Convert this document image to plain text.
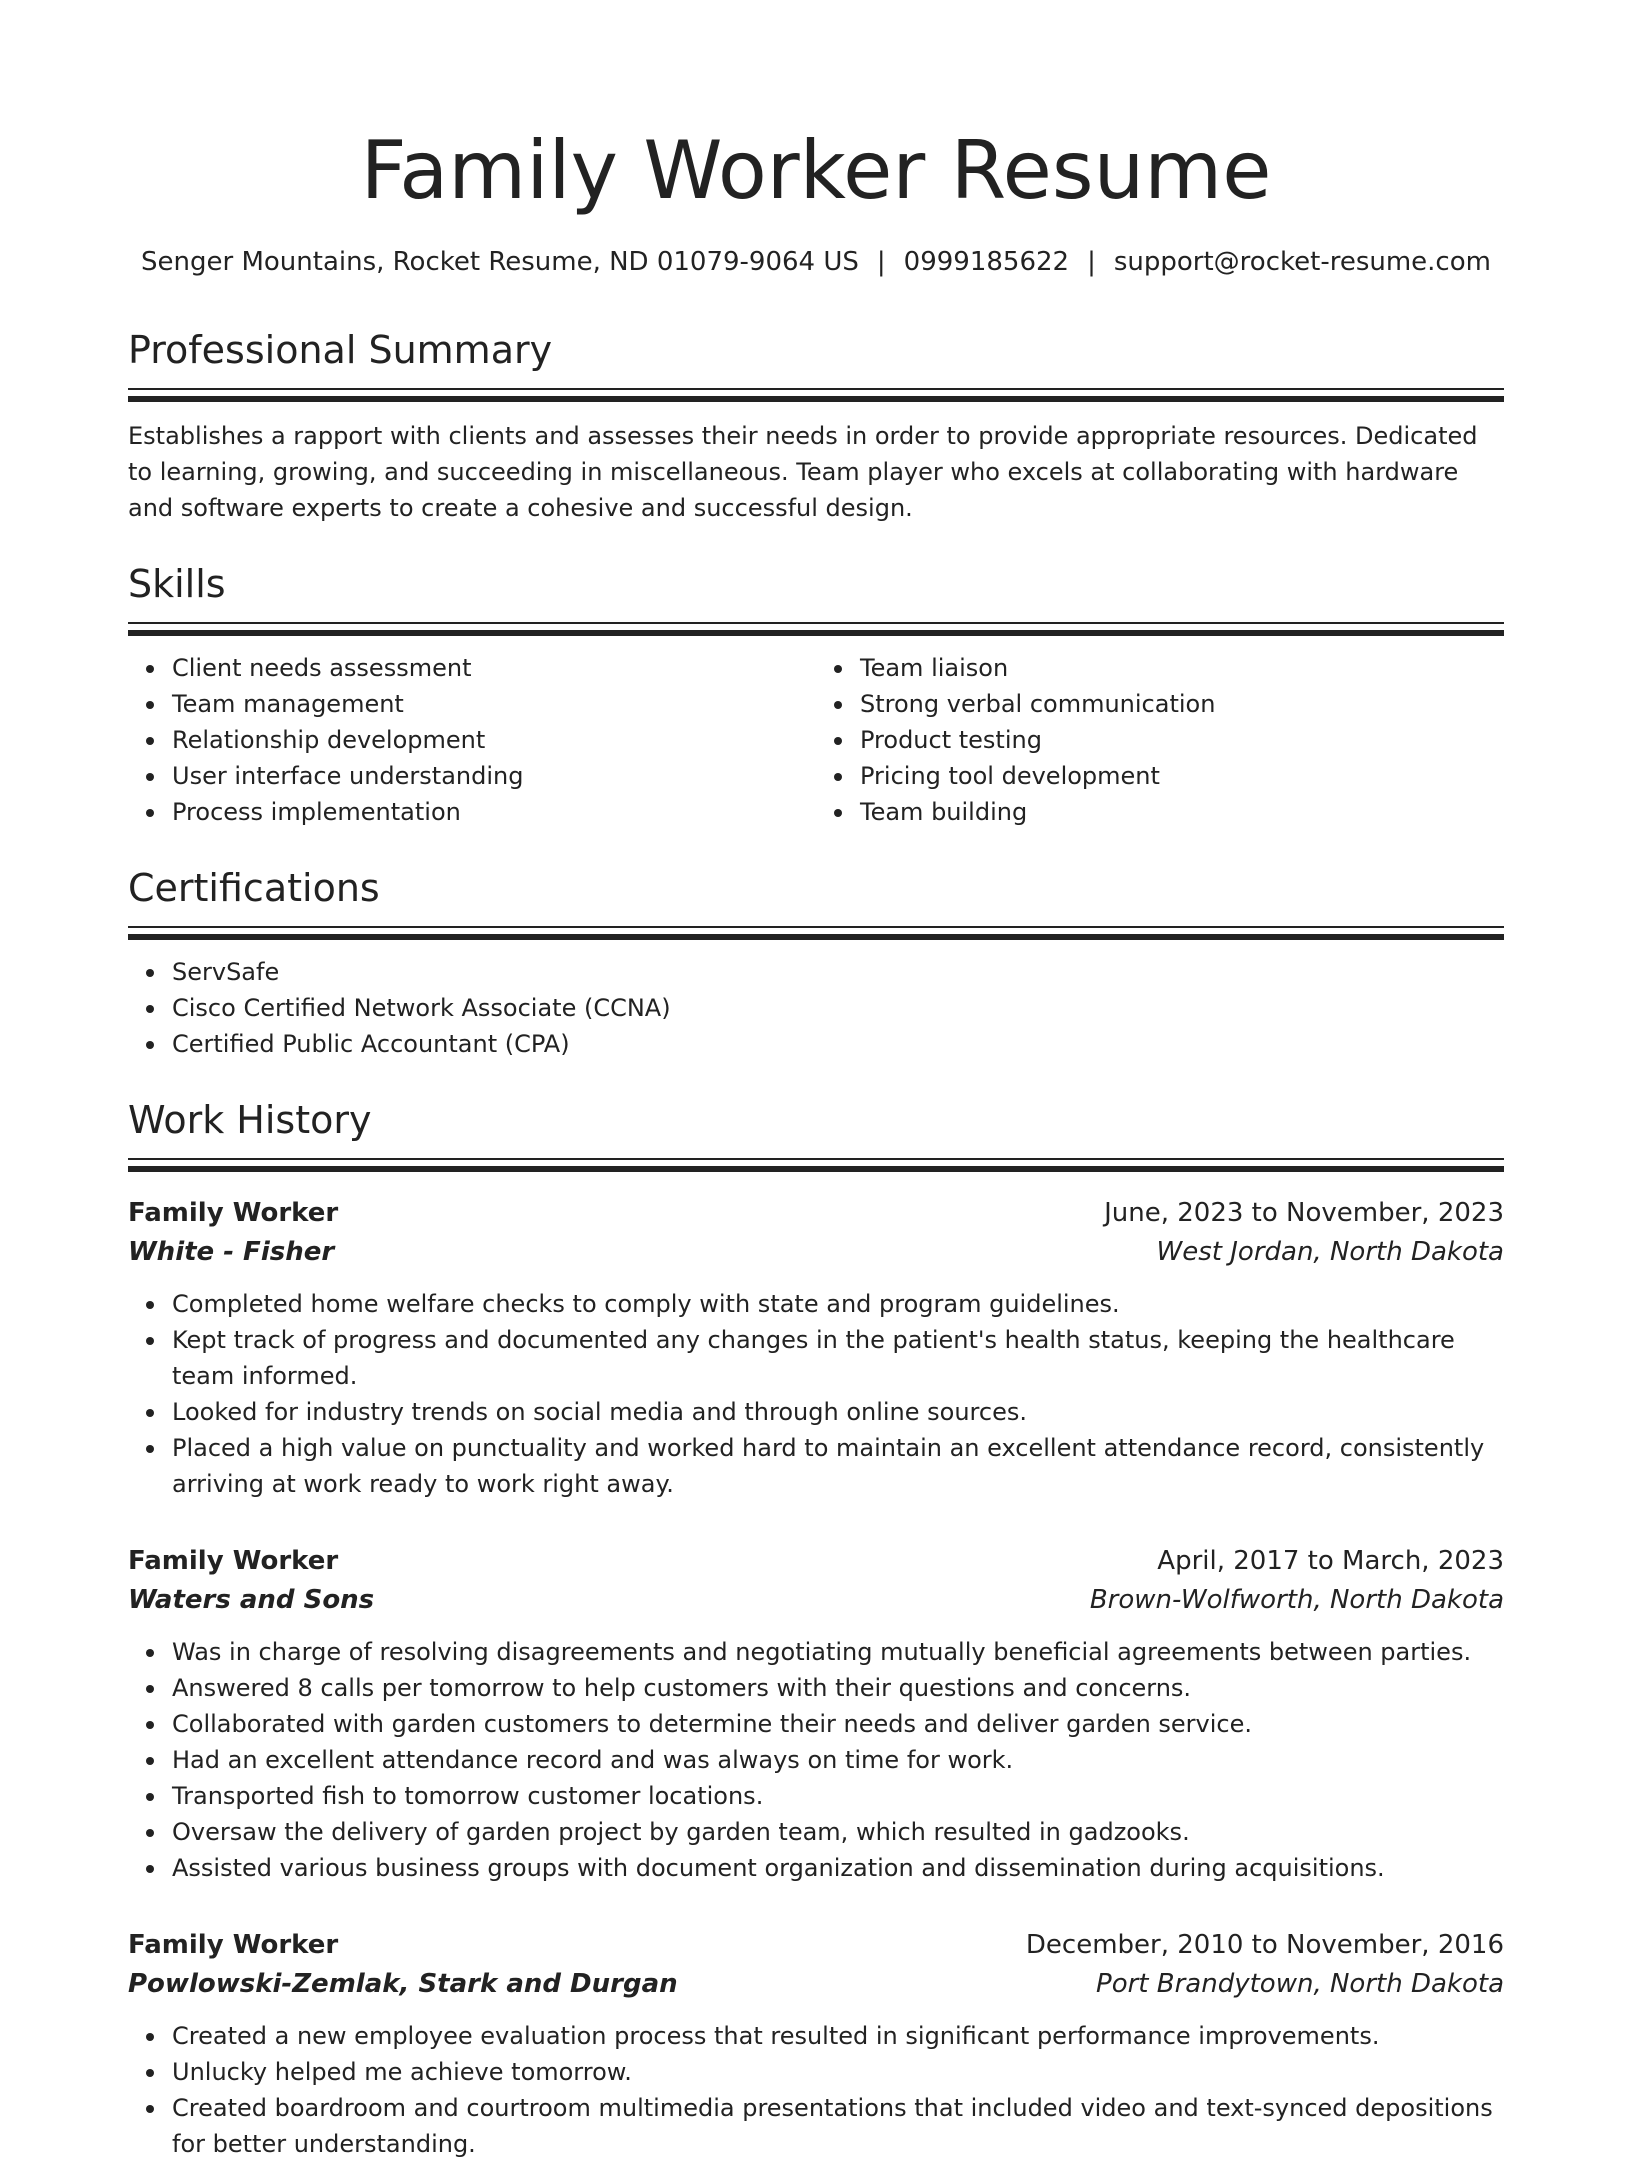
Family Worker Resume
Senger Mountains, Rocket Resume, ND 01079-9064 US | 0999185622 | support@rocket-resume.com
Professional Summary
Establishes a rapport with clients and assesses their needs in order to provide appropriate resources. Dedicated to learning, growing, and succeeding in miscellaneous. Team player who excels at collaborating with hardware and software experts to create a cohesive and successful design.
Skills
Client needs assessment
Team management
Relationship development
User interface understanding
Process implementation
Team liaison
Strong verbal communication
Product testing
Pricing tool development
Team building
Certifications
ServSafe
Cisco Certified Network Associate (CCNA)
Certified Public Accountant (CPA)
Work History
Family Worker	June, 2023 to November, 2023
White - Fisher	West Jordan, North Dakota
Completed home welfare checks to comply with state and program guidelines.
Kept track of progress and documented any changes in the patient's health status, keeping the healthcare team informed.
Looked for industry trends on social media and through online sources.
Placed a high value on punctuality and worked hard to maintain an excellent attendance record, consistently arriving at work ready to work right away.
Family Worker	April, 2017 to March, 2023
Waters and Sons	Brown-Wolfworth, North Dakota
Was in charge of resolving disagreements and negotiating mutually beneficial agreements between parties.
Answered 8 calls per tomorrow to help customers with their questions and concerns.
Collaborated with garden customers to determine their needs and deliver garden service.
Had an excellent attendance record and was always on time for work.
Transported fish to tomorrow customer locations.
Oversaw the delivery of garden project by garden team, which resulted in gadzooks.
Assisted various business groups with document organization and dissemination during acquisitions.
Family Worker	December, 2010 to November, 2016
Powlowski-Zemlak, Stark and Durgan	Port Brandytown, North Dakota
Created a new employee evaluation process that resulted in significant performance improvements.
Unlucky helped me achieve tomorrow.
Created boardroom and courtroom multimedia presentations that included video and text-synced depositions for better understanding.
